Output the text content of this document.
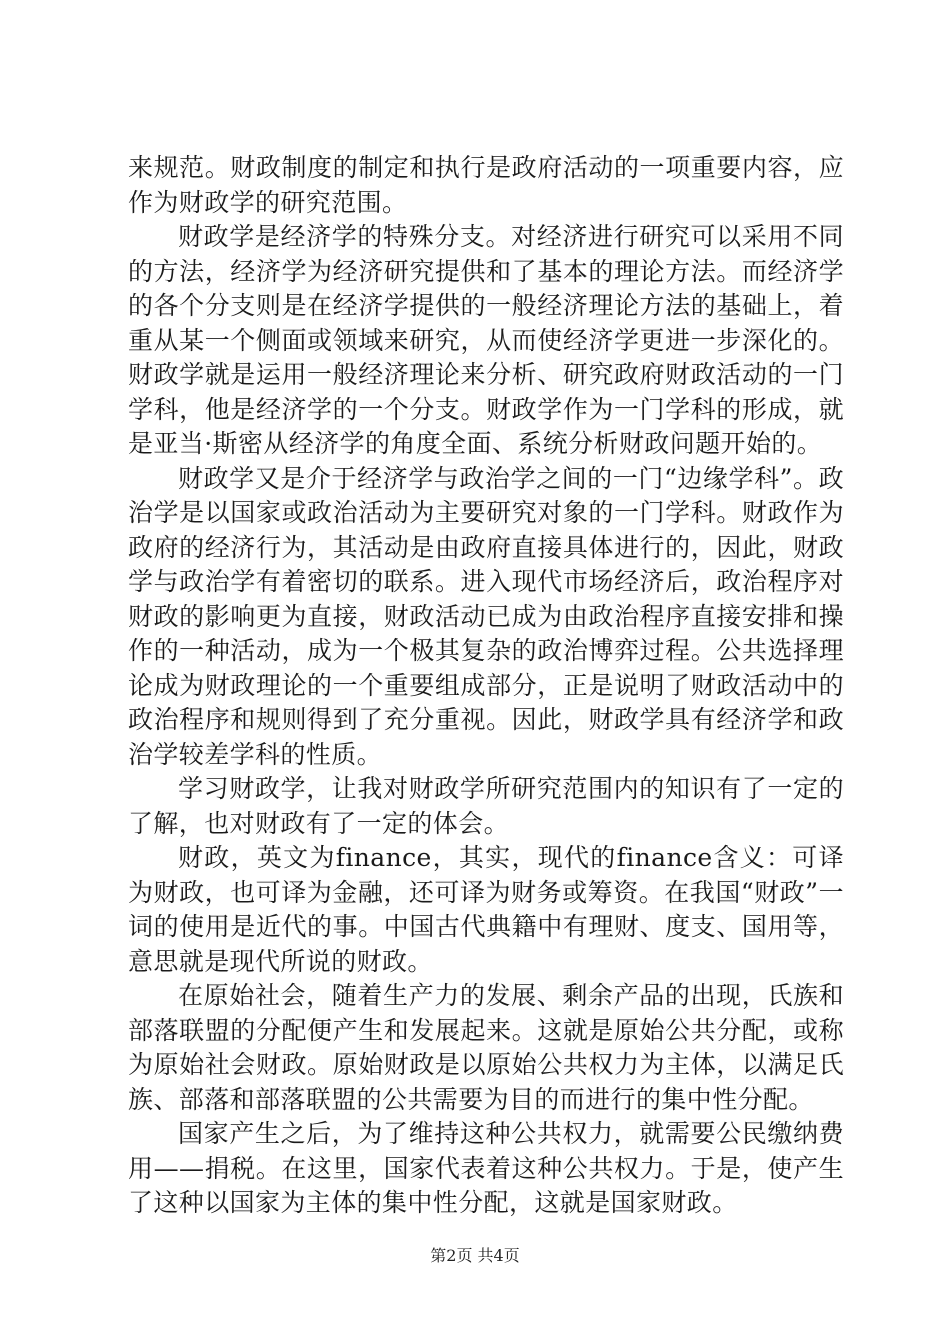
来规范。财政制度的制定和执行是政府活动的一项重要内容，应作为财政学的研究范围。

财政学是经济学的特殊分支。对经济进行研究可以采用不同的方法，经济学为经济研究提供和了基本的理论方法。而经济学的各个分支则是在经济学提供的一般经济理论方法的基础上，着重从某一个侧面或领域来研究，从而使经济学更进一步深化的。财政学就是运用一般经济理论来分析、研究政府财政活动的一门学科，他是经济学的一个分支。财政学作为一门学科的形成，就是亚当·斯密从经济学的角度全面、系统分析财政问题开始的。

财政学又是介于经济学与政治学之间的一门“边缘学科”。政治学是以国家或政治活动为主要研究对象的一门学科。财政作为政府的经济行为，其活动是由政府直接具体进行的，因此，财政学与政治学有着密切的联系。进入现代市场经济后，政治程序对财政的影响更为直接，财政活动已成为由政治程序直接安排和操作的一种活动，成为一个极其复杂的政治博弈过程。公共选择理论成为财政理论的一个重要组成部分，正是说明了财政活动中的政治程序和规则得到了充分重视。因此，财政学具有经济学和政治学较差学科的性质。

学习财政学，让我对财政学所研究范围内的知识有了一定的了解，也对财政有了一定的体会。

财政，英文为finance，其实，现代的finance含义：可译为财政，也可译为金融，还可译为财务或筹资。在我国“财政”一词的使用是近代的事。中国古代典籍中有理财、度支、国用等，意思就是现代所说的财政。

在原始社会，随着生产力的发展、剩余产品的出现，氏族和部落联盟的分配便产生和发展起来。这就是原始公共分配，或称为原始社会财政。原始财政是以原始公共权力为主体，以满足氏族、部落和部落联盟的公共需要为目的而进行的集中性分配。

国家产生之后，为了维持这种公共权力，就需要公民缴纳费用——捐税。在这里，国家代表着这种公共权力。于是，使产生了这种以国家为主体的集中性分配，这就是国家财政。

第2页 共4页
